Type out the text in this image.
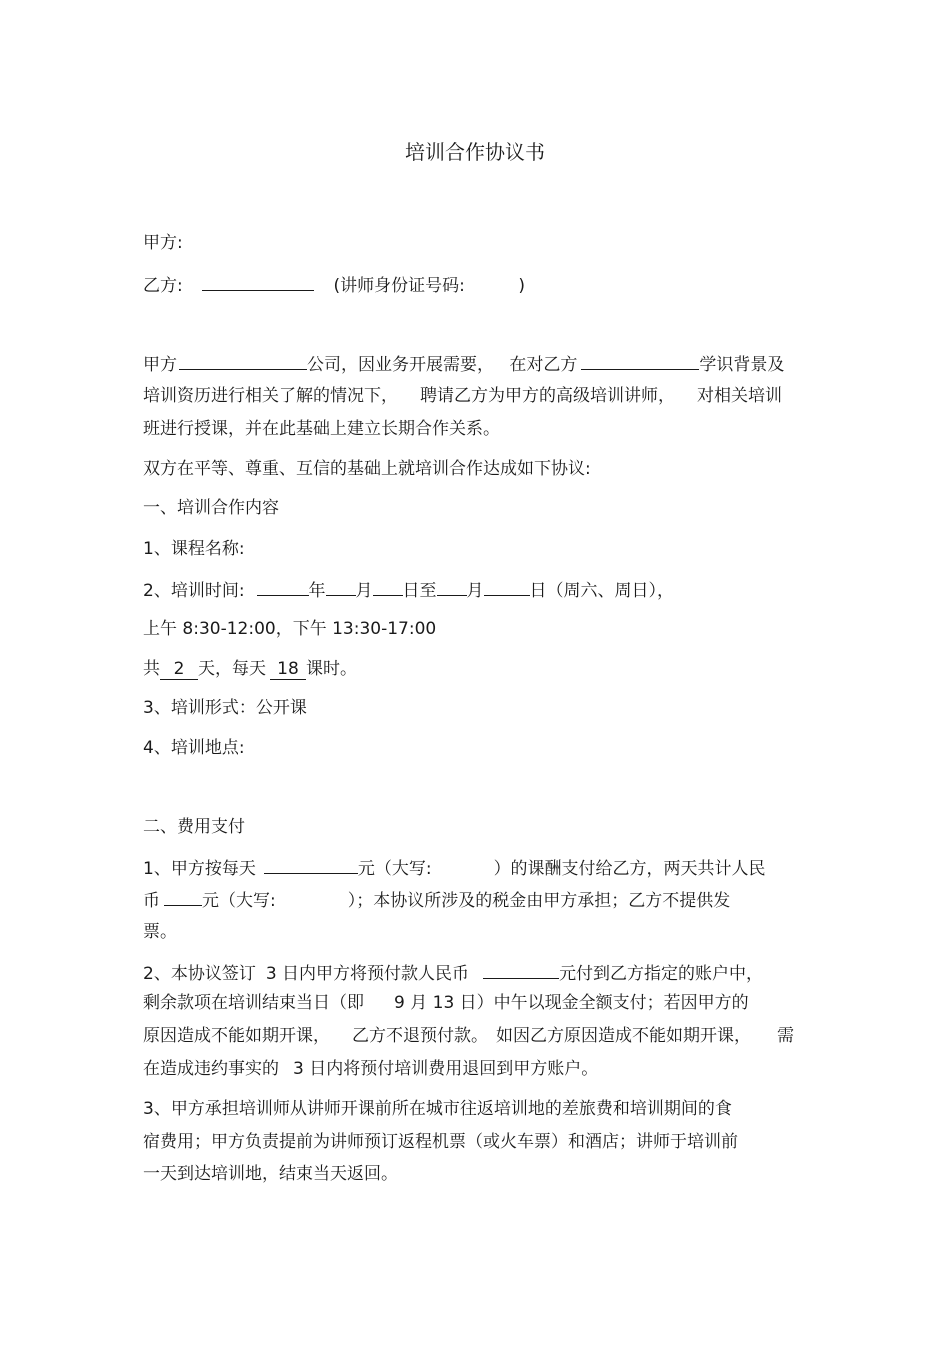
培训合作协议书
甲方:
乙方:	(讲师身份证号码:	)
甲方	公司，因业务开展需要， 在对乙方	学识背景及
培训资历进行相关了解的情况下， 聘请乙方为甲方的高级培训讲师， 对相关培训
班进行授课，并在此基础上建立长期合作关系。
双方在平等、尊重、互信的基础上就培训合作达成如下协议:
一、培训合作内容
1、课程名称:
2、培训时间:	年 月 日至 月	日（周六、周日），
上午 8:30-12:00，下午 13:30-17:00
共 2 天，每天 18 课时。
3、培训形式：公开课
4、培训地点:
二、费用支付
1、甲方按每天	元（大写:	）的课酬支付给乙方，两天共计人民
币 元（大写:	）；本协议所涉及的税金由甲方承担；乙方不提供发
票。
2、本协议签订 3 日内甲方将预付款人民币	元付到乙方指定的账户中，
剩余款项在培训结束当日（即 9 月 13 日）中午以现金全额支付；若因甲方的
原因造成不能如期开课， 乙方不退预付款。 如因乙方原因造成不能如期开课， 需
在造成违约事实的 3 日内将预付培训费用退回到甲方账户。
3、甲方承担培训师从讲师开课前所在城市往返培训地的差旅费和培训期间的食
宿费用；甲方负责提前为讲师预订返程机票（或火车票）和酒店；讲师于培训前
一天到达培训地，结束当天返回。
